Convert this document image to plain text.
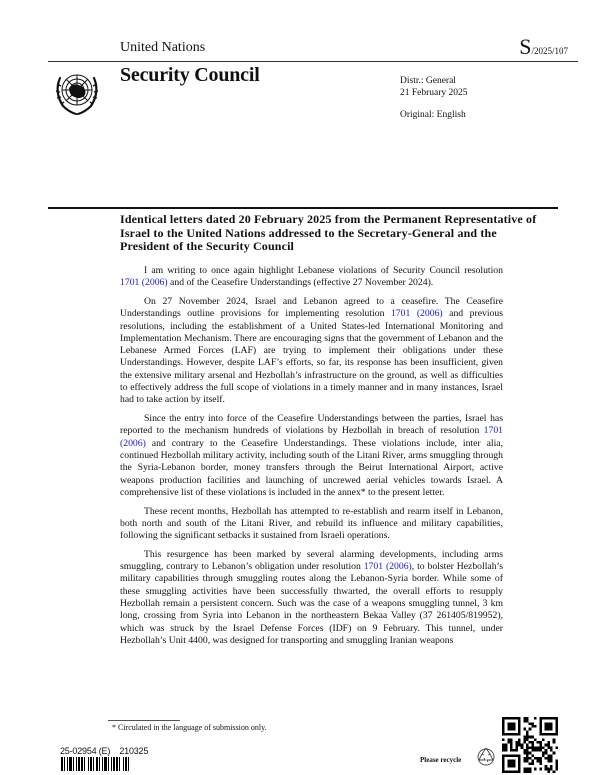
United Nations	S/2025/107
Security Council	Distr.: General
21 February 2025
Original: English
Identical letters dated 20 February 2025 from the Permanent Representative of Israel to the United Nations addressed to the Secretary-General and the President of the Security Council

I am writing to once again highlight Lebanese violations of Security Council resolution 1701 (2006) and of the Ceasefire Understandings (effective 27 November 2024).

On 27 November 2024, Israel and Lebanon agreed to a ceasefire. The Ceasefire Understandings outline provisions for implementing resolution 1701 (2006) and previous resolutions, including the establishment of a United States-led International Monitoring and Implementation Mechanism. There are encouraging signs that the government of Lebanon and the Lebanese Armed Forces (LAF) are trying to implement their obligations under these Understandings. However, despite LAF’s efforts, so far, its response has been insufficient, given the extensive military arsenal and Hezbollah’s infrastructure on the ground, as well as difficulties to effectively address the full scope of violations in a timely manner and in many instances, Israel had to take action by itself.

Since the entry into force of the Ceasefire Understandings between the parties, Israel has reported to the mechanism hundreds of violations by Hezbollah in breach of resolution 1701 (2006) and contrary to the Ceasefire Understandings. These violations include, inter alia, continued Hezbollah military activity, including south of the Litani River, arms smuggling through the Syria-Lebanon border, money transfers through the Beirut International Airport, active weapons production facilities and launching of uncrewed aerial vehicles towards Israel. A comprehensive list of these violations is included in the annex* to the present letter.

These recent months, Hezbollah has attempted to re-establish and rearm itself in Lebanon, both north and south of the Litani River, and rebuild its influence and military capabilities, following the significant setbacks it sustained from Israeli operations.

This resurgence has been marked by several alarming developments, including arms smuggling, contrary to Lebanon’s obligation under resolution 1701 (2006), to bolster Hezbollah’s military capabilities through smuggling routes along the Lebanon-Syria border. While some of these smuggling activities have been successfully thwarted, the overall efforts to resupply Hezbollah remain a persistent concern. Such was the case of a weapons smuggling tunnel, 3 km long, crossing from Syria into Lebanon in the northeastern Bekaa Valley (37 261405/819952), which was struck by the Israel Defense Forces (IDF) on 9 February. This tunnel, under Hezbollah’s Unit 4400, was designed for transporting and smuggling Iranian weapons

* Circulated in the language of submission only.
25-02954 (E)    210325
Please recycle
